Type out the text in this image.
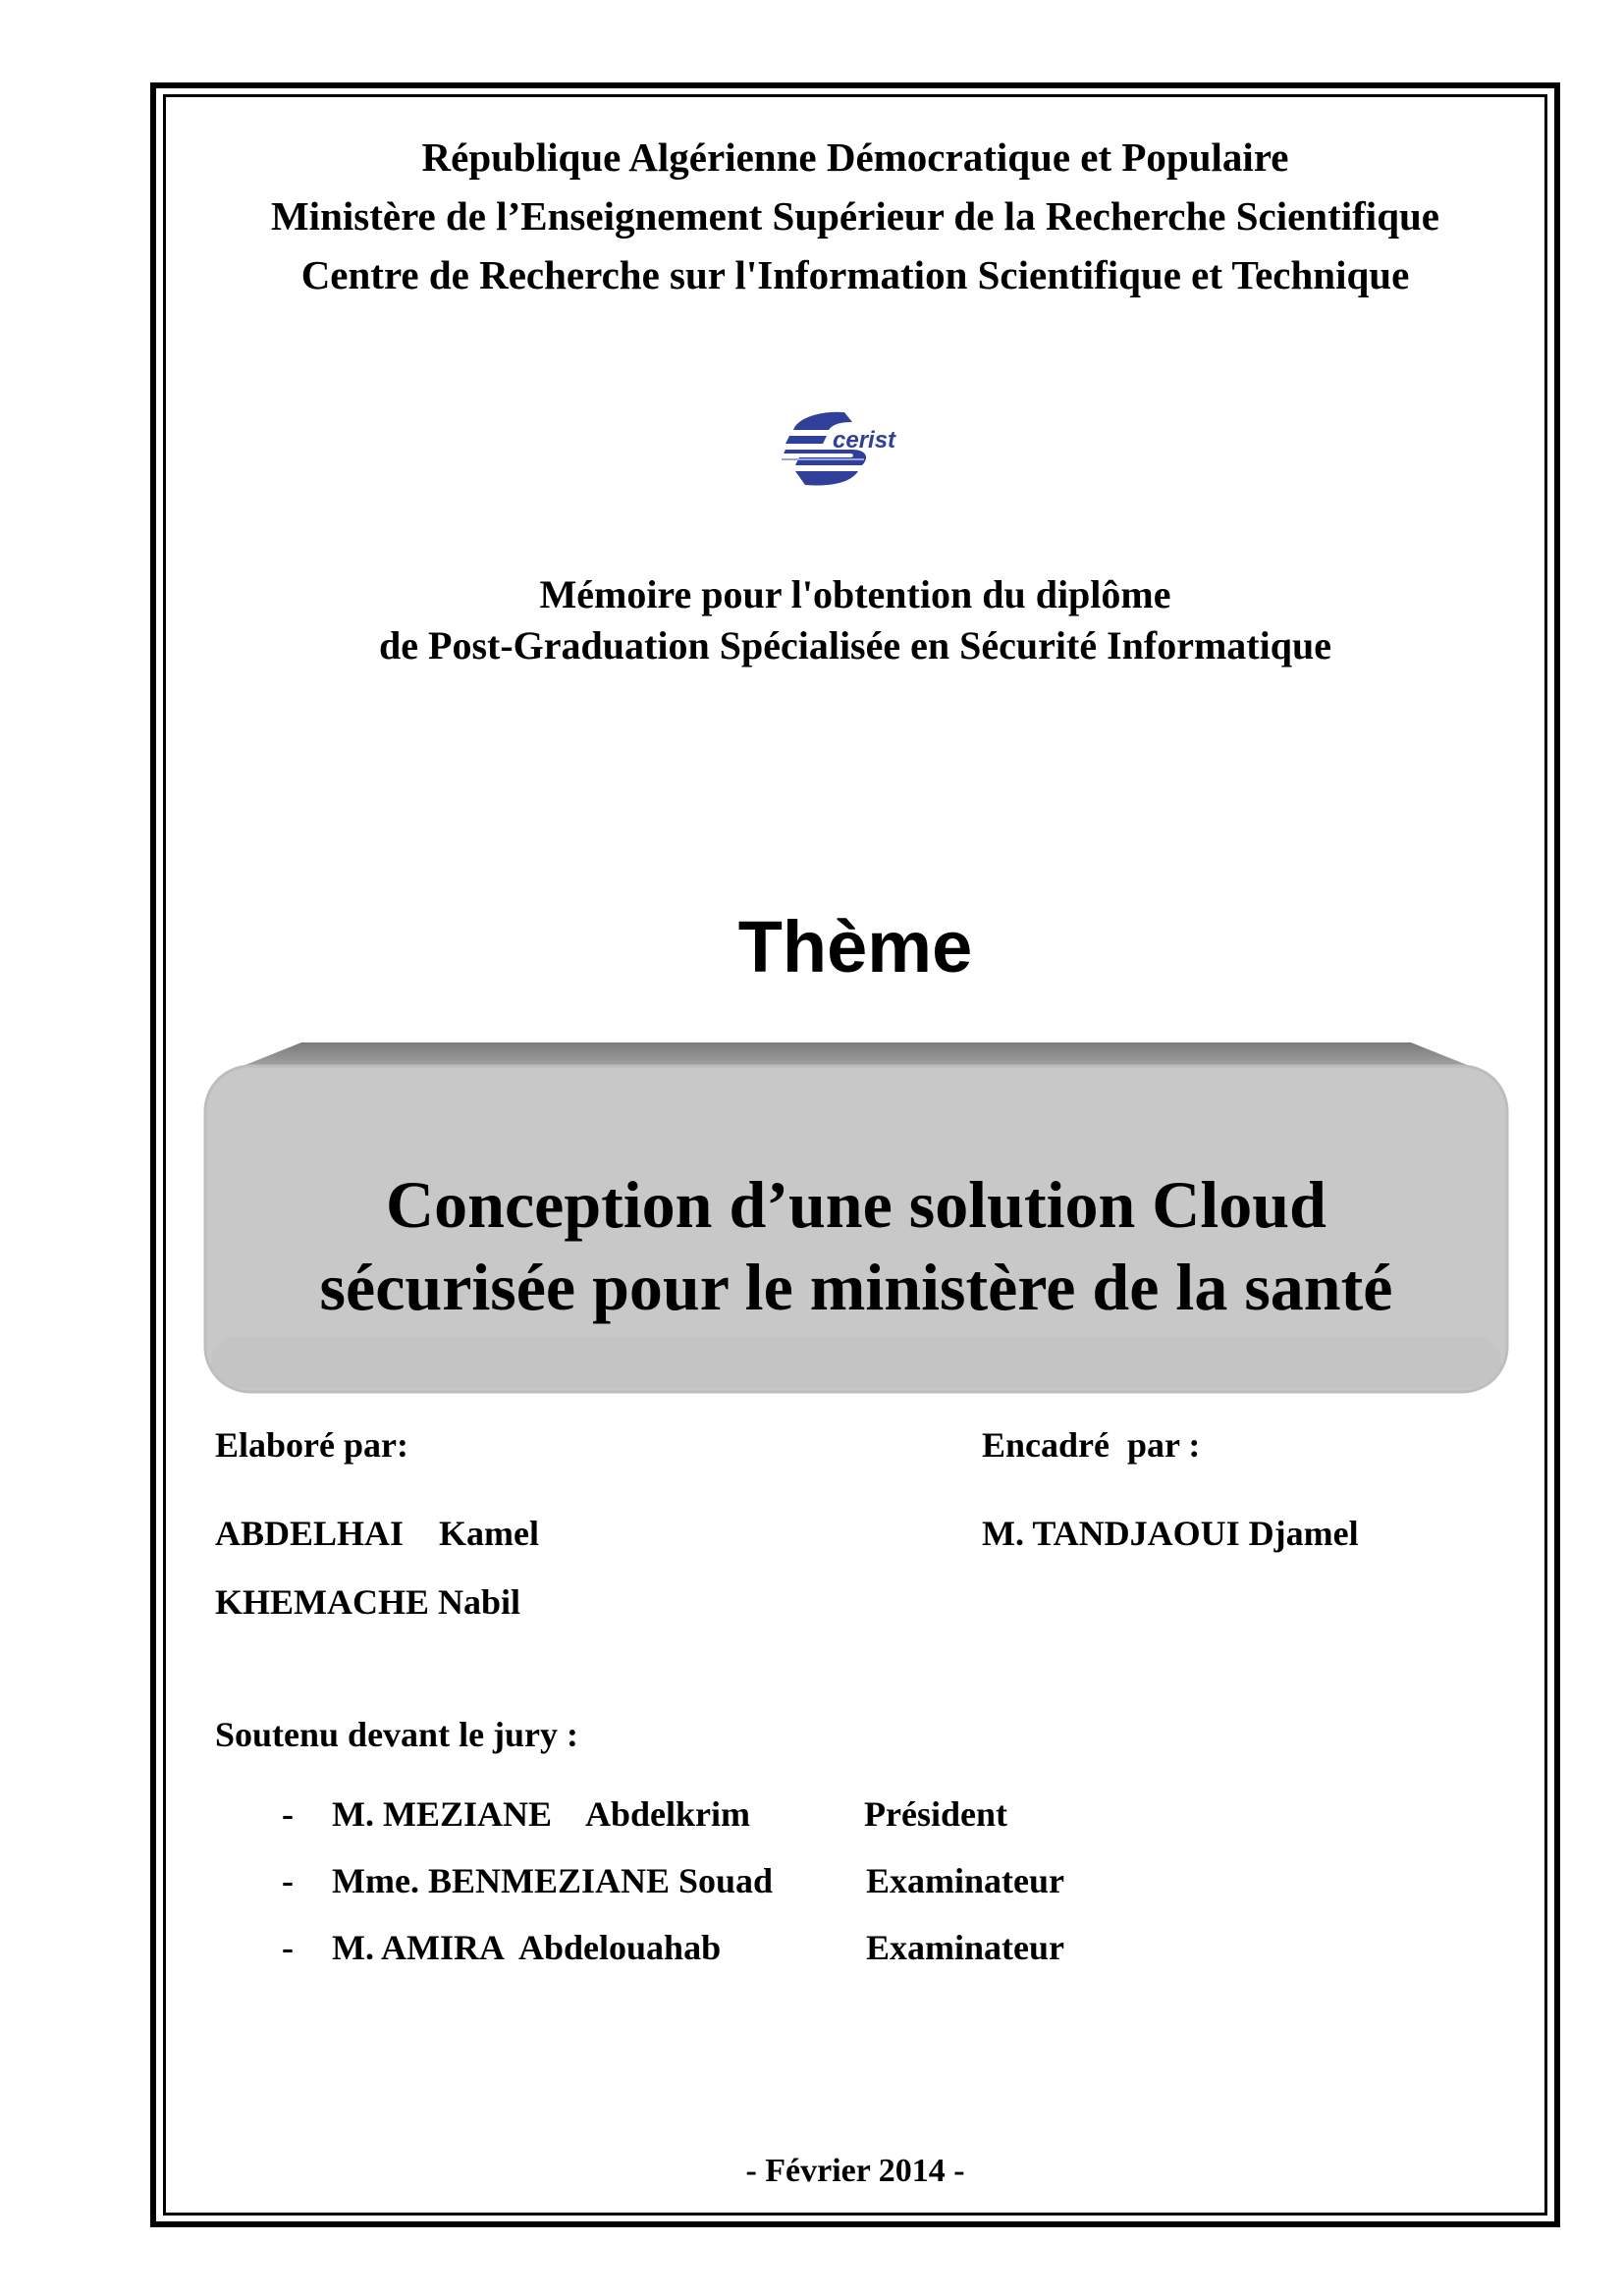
République Algérienne Démocratique et Populaire
Ministère de l’Enseignement Supérieur de la Recherche Scientifique
Centre de Recherche sur l'Information Scientifique et Technique
cerist
Mémoire pour l'obtention du diplôme
de Post-Graduation Spécialisée en Sécurité Informatique
Thème
Conception d’une solution Cloud
sécurisée pour le ministère de la santé
Elaboré par:
ABDELHAI    Kamel
KHEMACHE Nabil
Encadré  par :
M. TANDJAOUI Djamel
Soutenu devant le jury :
- M. MEZIANE    Abdelkrim	Président
- Mme. BENMEZIANE Souad	Examinateur
- M. AMIRA  Abdelouahab	Examinateur
- Février 2014 -
